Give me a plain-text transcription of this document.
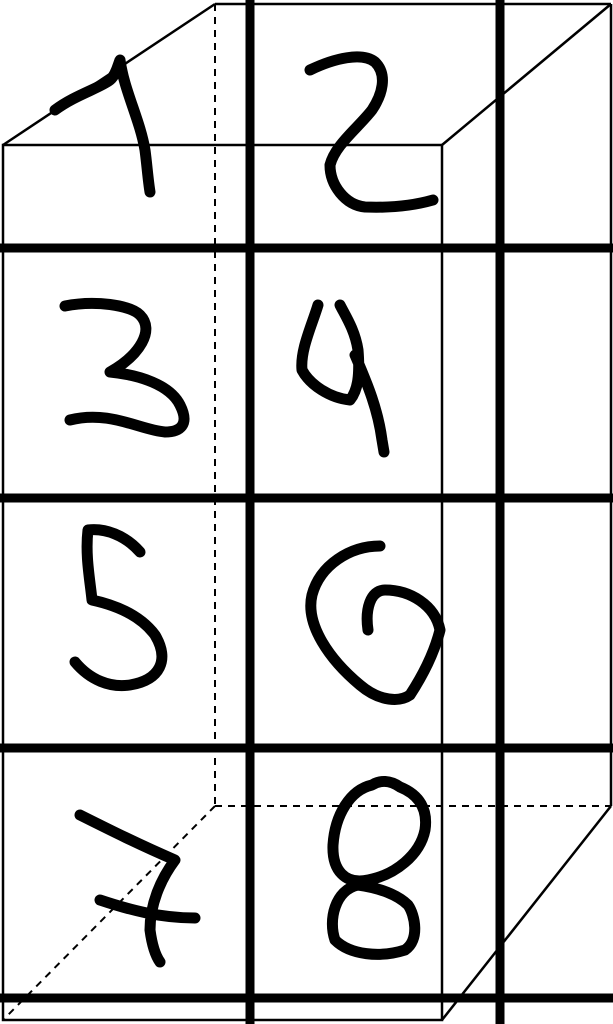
1	2
3	4
5	6
7	8
